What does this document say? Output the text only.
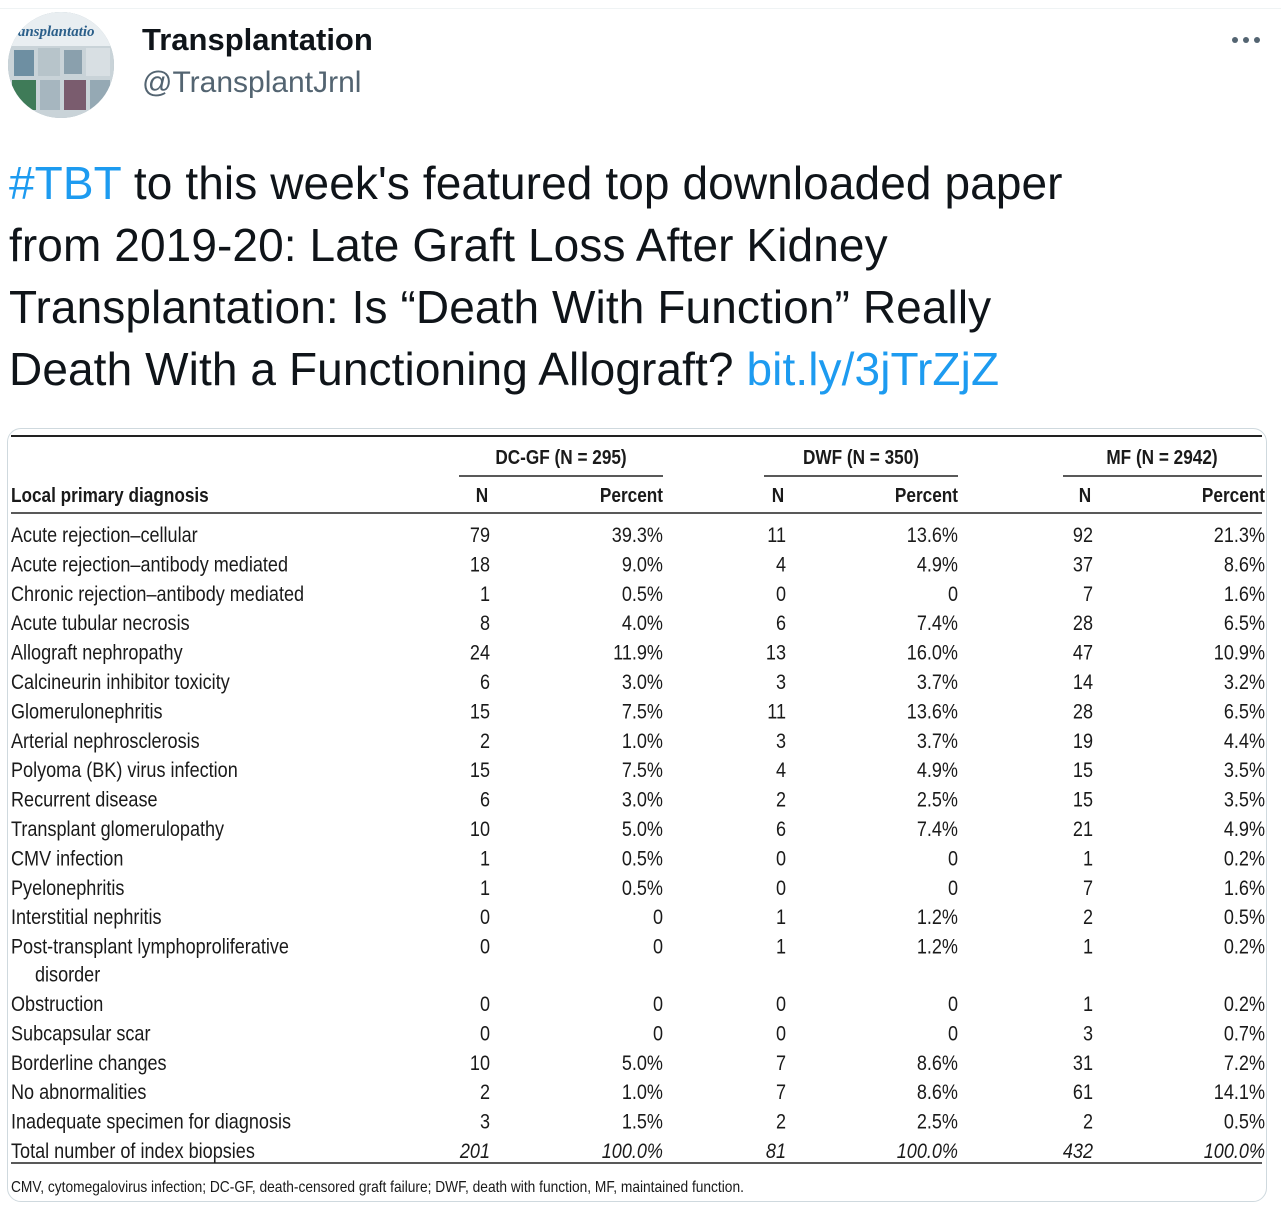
ransplantatio Transplantation
@TransplantJrnl
#TBT to this week's featured top downloaded paper
from 2019-20: Late Graft Loss After Kidney
Transplantation: Is “Death With Function” Really
Death With a Functioning Allograft? bit.ly/3jTrZjZ
DC-GF (N = 295)	DWF (N = 350)	MF (N = 2942)
Local primary diagnosis	N	Percent	N	Percent	N	Percent
Acute rejection–cellular	79	39.3%	11	13.6%	92	21.3%
Acute rejection–antibody mediated	18	9.0%	4	4.9%	37	8.6%
Chronic rejection–antibody mediated	1	0.5%	0	0	7	1.6%
Acute tubular necrosis	8	4.0%	6	7.4%	28	6.5%
Allograft nephropathy	24	11.9%	13	16.0%	47	10.9%
Calcineurin inhibitor toxicity	6	3.0%	3	3.7%	14	3.2%
Glomerulonephritis	15	7.5%	11	13.6%	28	6.5%
Arterial nephrosclerosis	2	1.0%	3	3.7%	19	4.4%
Polyoma (BK) virus infection	15	7.5%	4	4.9%	15	3.5%
Recurrent disease	6	3.0%	2	2.5%	15	3.5%
Transplant glomerulopathy	10	5.0%	6	7.4%	21	4.9%
CMV infection	1	0.5%	0	0	1	0.2%
Pyelonephritis	1	0.5%	0	0	7	1.6%
Interstitial nephritis	0	0	1	1.2%	2	0.5%
Post-transplant lymphoproliferative	0	0	1	1.2%	1	0.2%
disorder
Obstruction	0	0	0	0	1	0.2%
Subcapsular scar	0	0	0	0	3	0.7%
Borderline changes	10	5.0%	7	8.6%	31	7.2%
No abnormalities	2	1.0%	7	8.6%	61	14.1%
Inadequate specimen for diagnosis	3	1.5%	2	2.5%	2	0.5%
Total number of index biopsies	201	100.0%	81	100.0%	432	100.0%
CMV, cytomegalovirus infection; DC-GF, death-censored graft failure; DWF, death with function, MF, maintained function.
